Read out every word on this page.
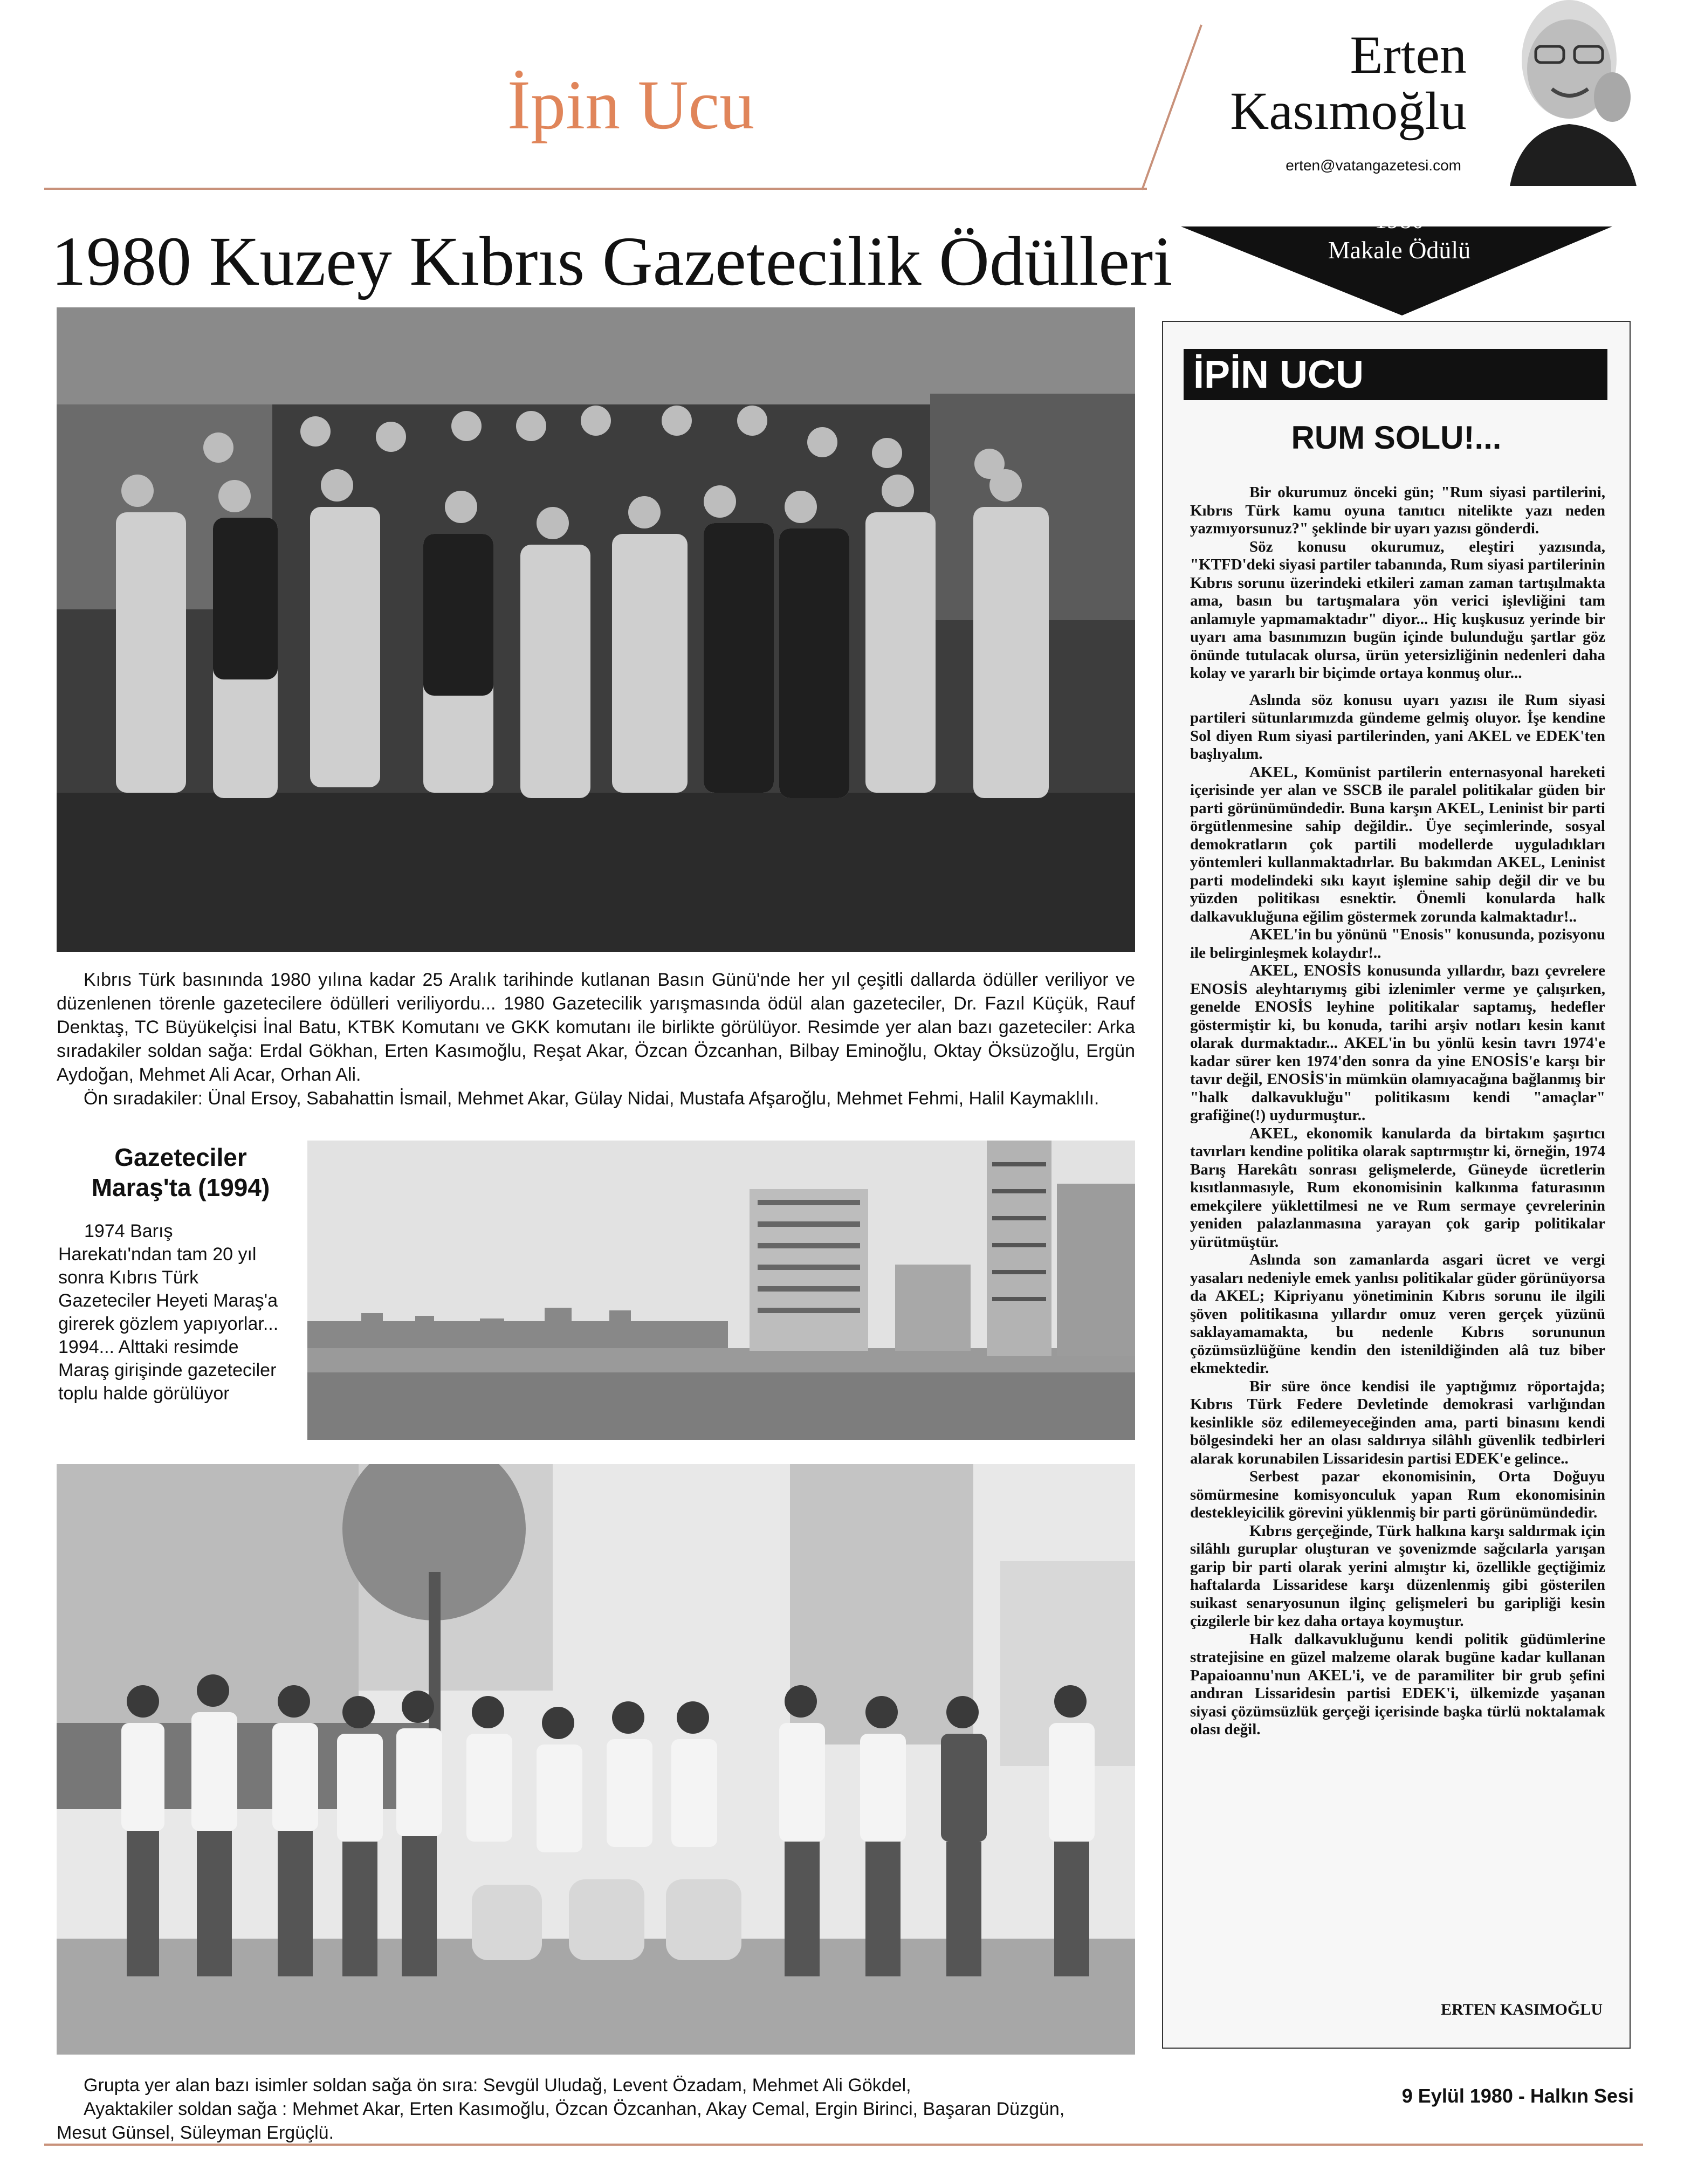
İpin Ucu
Erten
Kasımoğlu
erten@vatangazetesi.com
1980 Kuzey Kıbrıs Gazetecilik Ödülleri
1980
Makale Ödülü

Kıbrıs Türk basınında 1980 yılına kadar 25 Aralık tarihinde kutlanan Basın Günü'nde her yıl çeşitli dallarda ödüller veriliyor ve düzenlenen törenle gazetecilere ödülleri veriliyordu... 1980 Gazetecilik yarışmasında ödül alan gazeteciler, Dr. Fazıl Küçük, Rauf Denktaş, TC Büyükelçisi İnal Batu, KTBK Komutanı ve GKK komutanı ile birlikte görülüyor. Resimde yer alan bazı gazeteciler: Arka sıradakiler soldan sağa: Erdal Gökhan, Erten Kasımoğlu, Reşat Akar, Özcan Özcanhan, Bilbay Eminoğlu, Oktay Öksüzoğlu, Ergün Aydoğan, Mehmet Ali Acar, Orhan Ali.

Ön sıradakiler: Ünal Ersoy, Sabahattin İsmail, Mehmet Akar, Gülay Nidai, Mustafa Afşaroğlu, Mehmet Fehmi, Halil Kaymaklılı.

Gazeteciler
Maraş'ta (1994)
1974 Barış Harekatı'ndan tam 20 yıl sonra Kıbrıs Türk Gazeteciler Heyeti Maraş'a girerek gözlem yapıyorlar... 1994... Alttaki resimde Maraş girişinde gazeteciler toplu halde görülüyor
Grupta yer alan bazı isimler soldan sağa ön sıra: Sevgül Uludağ, Levent Özadam, Mehmet Ali Gökdel,
Ayaktakiler soldan sağa : Mehmet Akar, Erten Kasımoğlu, Özcan Özcanhan, Akay Cemal, Ergin Birinci, Başaran Düzgün,
Mesut Günsel, Süleyman Ergüçlü.
İPİN UCU
RUM SOLU!...

Bir okurumuz önceki gün; "Rum siyasi partilerini, Kıbrıs Türk kamu oyuna tanıtıcı nitelikte yazı neden yazmıyorsunuz?" şeklinde bir uyarı yazısı gönderdi.

Söz konusu okurumuz, eleştiri yazısında, "KTFD'deki siyasi partiler tabanında, Rum siyasi partilerinin Kıbrıs sorunu üzerindeki etkileri zaman zaman tartışılmakta ama, basın bu tartışmalara yön verici işlevliğini tam anlamıyle yapmamaktadır" diyor... Hiç kuşkusuz yerinde bir uyarı ama basınımızın bugün içinde bulunduğu şartlar göz önünde tutulacak olursa, ürün yetersizliğinin nedenleri daha kolay ve yararlı bir biçimde ortaya konmuş olur...

Aslında söz konusu uyarı yazısı ile Rum siyasi partileri sütunlarımızda gündeme gelmiş oluyor. İşe kendine Sol diyen Rum siyasi partilerinden, yani AKEL ve EDEK'ten başlıyalım.

AKEL, Komünist partilerin enternasyonal hareketi içerisinde yer alan ve SSCB ile paralel politikalar güden bir parti görünümündedir. Buna karşın AKEL, Leninist bir parti örgütlenmesine sahip değildir.. Üye seçimlerinde, sosyal demokratların çok partili modellerde uyguladıkları yöntemleri kullanmaktadırlar. Bu bakımdan AKEL, Leninist parti modelindeki sıkı kayıt işlemine sahip değil dir ve bu yüzden politikası esnektir. Önemli konularda halk dalkavukluğuna eğilim göstermek zorunda kalmaktadır!..

AKEL'in bu yönünü "Enosis" konusunda, pozisyonu ile belirginleşmek kolaydır!..

AKEL, ENOSİS konusunda yıllardır, bazı çevrelere ENOSİS aleyhtarıymış gibi izlenimler verme ye çalışırken, genelde ENOSİS leyhine politikalar saptamış, hedefler göstermiştir ki, bu konuda, tarihi arşiv notları kesin kanıt olarak durmaktadır... AKEL'in bu yönlü kesin tavrı 1974'e kadar sürer ken 1974'den sonra da yine ENOSİS'e karşı bir tavır değil, ENOSİS'in mümkün olamıyacağına bağlanmış bir "halk dalkavukluğu" politikasını kendi "amaçlar" grafiğine(!) uydurmuştur..

AKEL, ekonomik kanularda da birtakım şaşırtıcı tavırları kendine politika olarak saptırmıştır ki, örneğin, 1974 Barış Harekâtı sonrası gelişmelerde, Güneyde ücretlerin kısıtlanmasıyle, Rum ekonomisinin kalkınma faturasının emekçilere yüklettilmesi ne ve Rum sermaye çevrelerinin yeniden palazlanmasına yarayan çok garip politikalar yürütmüştür.

Aslında son zamanlarda asgari ücret ve vergi yasaları nedeniyle emek yanlısı politikalar güder görünüyorsa da AKEL; Kipriyanu yönetiminin Kıbrıs sorunu ile ilgili şöven politikasına yıllardır omuz veren gerçek yüzünü saklayamamakta, bu nedenle Kıbrıs sorununun çözümsüzlüğüne kendin den istenildiğinden alâ tuz biber ekmektedir.

Bir süre önce kendisi ile yaptığımız röportajda; Kıbrıs Türk Federe Devletinde demokrasi varlığından kesinlikle söz edilemeyeceğinden ama, parti binasını kendi bölgesindeki her an olası saldırıya silâhlı güvenlik tedbirleri alarak korunabilen Lissaridesin partisi EDEK'e gelince..

Serbest pazar ekonomisinin, Orta Doğuyu sömürmesine komisyonculuk yapan Rum ekonomisinin destekleyicilik görevini yüklenmiş bir parti görünümündedir.

Kıbrıs gerçeğinde, Türk halkına karşı saldırmak için silâhlı guruplar oluşturan ve şovenizmde sağcılarla yarışan garip bir parti olarak yerini almıştır ki, özellikle geçtiğimiz haftalarda Lissaridese karşı düzenlenmiş gibi gösterilen suikast senaryosunun ilginç gelişmeleri bu garipliği kesin çizgilerle bir kez daha ortaya koymuştur.

Halk dalkavukluğunu kendi politik güdümlerine stratejisine en güzel malzeme olarak bugüne kadar kullanan Papaioannu'nun AKEL'i, ve de paramiliter bir grub şefini andıran Lissaridesin partisi EDEK'i, ülkemizde yaşanan siyasi çözümsüzlük gerçeği içerisinde başka türlü noktalamak olası değil.

ERTEN KASIMOĞLU
9 Eylül 1980 - Halkın Sesi
